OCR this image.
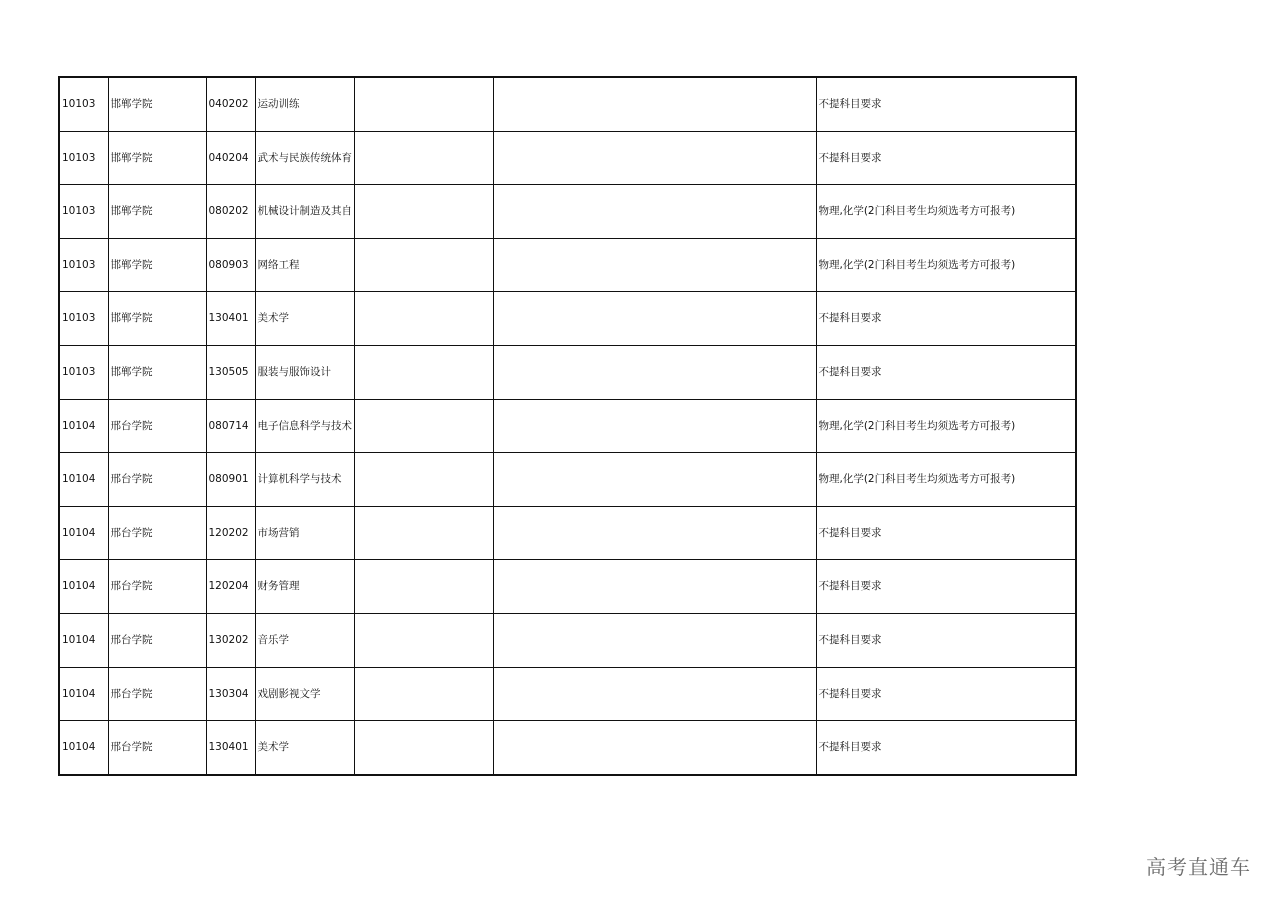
10103	邯郸学院	040202	运动训练			不提科目要求
10103	邯郸学院	040204	武术与民族传统体育			不提科目要求
10103	邯郸学院	080202	机械设计制造及其自			物理,化学(2门科目考生均须选考方可报考)
10103	邯郸学院	080903	网络工程			物理,化学(2门科目考生均须选考方可报考)
10103	邯郸学院	130401	美术学			不提科目要求
10103	邯郸学院	130505	服装与服饰设计			不提科目要求
10104	邢台学院	080714	电子信息科学与技术			物理,化学(2门科目考生均须选考方可报考)
10104	邢台学院	080901	计算机科学与技术			物理,化学(2门科目考生均须选考方可报考)
10104	邢台学院	120202	市场营销			不提科目要求
10104	邢台学院	120204	财务管理			不提科目要求
10104	邢台学院	130202	音乐学			不提科目要求
10104	邢台学院	130304	戏剧影视文学			不提科目要求
10104	邢台学院	130401	美术学			不提科目要求
高考直通车
